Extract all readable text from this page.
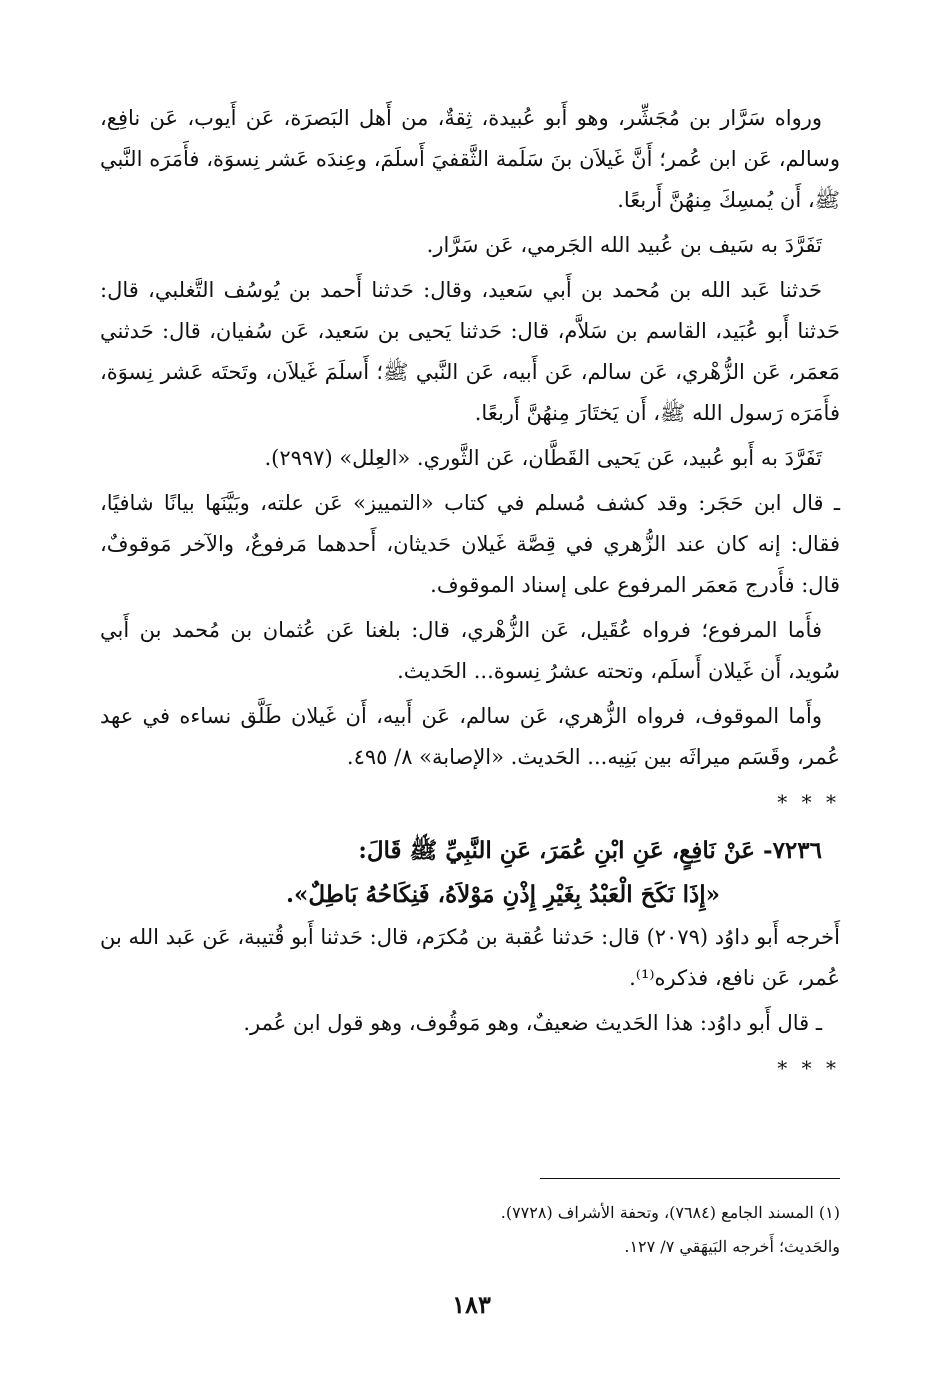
ورواه سَرَّار بن مُجَشِّر، وهو أَبو عُبيدة، ثِقةٌ، من أَهل البَصرَة، عَن أَيوب، عَن نافِع، وسالم، عَن ابن عُمر؛ أَنَّ غَيلاَن بنَ سَلَمة الثَّقفيَ أَسلَمَ، وعِندَه عَشر نِسوَة، فأَمَرَه النَّبي ﷺ، أَن يُمسِكَ مِنهُنَّ أَربعًا.

تَفَرَّدَ به سَيف بن عُبيد الله الجَرمي، عَن سَرَّار.

حَدثنا عَبد الله بن مُحمد بن أَبي سَعيد، وقال: حَدثنا أَحمد بن يُوسُف التَّغلبي، قال: حَدثنا أَبو عُبَيد، القاسم بن سَلاَّم، قال: حَدثنا يَحيى بن سَعيد، عَن سُفيان، قال: حَدثني مَعمَر، عَن الزُّهْري، عَن سالم، عَن أَبيه، عَن النَّبي ﷺ؛ أَسلَمَ غَيلاَن، وتَحتَه عَشر نِسوَة، فأَمَرَه رَسول الله ﷺ، أَن يَختَارَ مِنهُنَّ أَربعًا.

تَفَرَّدَ به أَبو عُبيد، عَن يَحيى القَطَّان، عَن الثَّوري. «العِلل» (٢٩٩٧).

ـ قال ابن حَجَر: وقد كشف مُسلم في كتاب «التمييز» عَن علته، وبَيَّنَها بيانًا شافيًا، فقال: إنه كان عند الزُّهري في قِصَّة غَيلان حَديثان، أَحدهما مَرفوعٌ، والآخر مَوقوفٌ، قال: فأَدرج مَعمَر المرفوع على إسناد الموقوف.

فأَما المرفوع؛ فرواه عُقَيل، عَن الزُّهْري، قال: بلغنا عَن عُثمان بن مُحمد بن أَبي سُويد، أَن غَيلان أَسلَم، وتحته عشرُ نِسوة... الحَديث.

وأَما الموقوف، فرواه الزُّهري، عَن سالم، عَن أَبيه، أَن غَيلان طَلَّق نساءه في عهد عُمر، وقَسَم ميراثَه بين بَنِيه... الحَديث. «الإصابة» ٨/ ٤٩٥.

* * *

٧٢٣٦- عَنْ نَافِعٍ، عَنِ ابْنِ عُمَرَ، عَنِ النَّبِيِّ ﷺ قَالَ:

«إِذَا نَكَحَ الْعَبْدُ بِغَيْرِ إِذْنِ مَوْلاَهُ، فَنِكَاحُهُ بَاطِلٌ».

أَخرجه أَبو داوُد (٢٠٧٩) قال: حَدثنا عُقبة بن مُكرَم، قال: حَدثنا أَبو قُتيبة، عَن عَبد الله بن عُمر، عَن نافع، فذكره⁽¹⁾.

ـ قال أَبو داوُد: هذا الحَديث ضعيفٌ، وهو مَوقُوف، وهو قول ابن عُمر.

* * *

(١) المسند الجامع (٧٦٨٤)، وتحفة الأشراف (٧٧٢٨).

والحَديث؛ أَخرجه البَيهَقي ٧/ ١٢٧.

١٨٣
